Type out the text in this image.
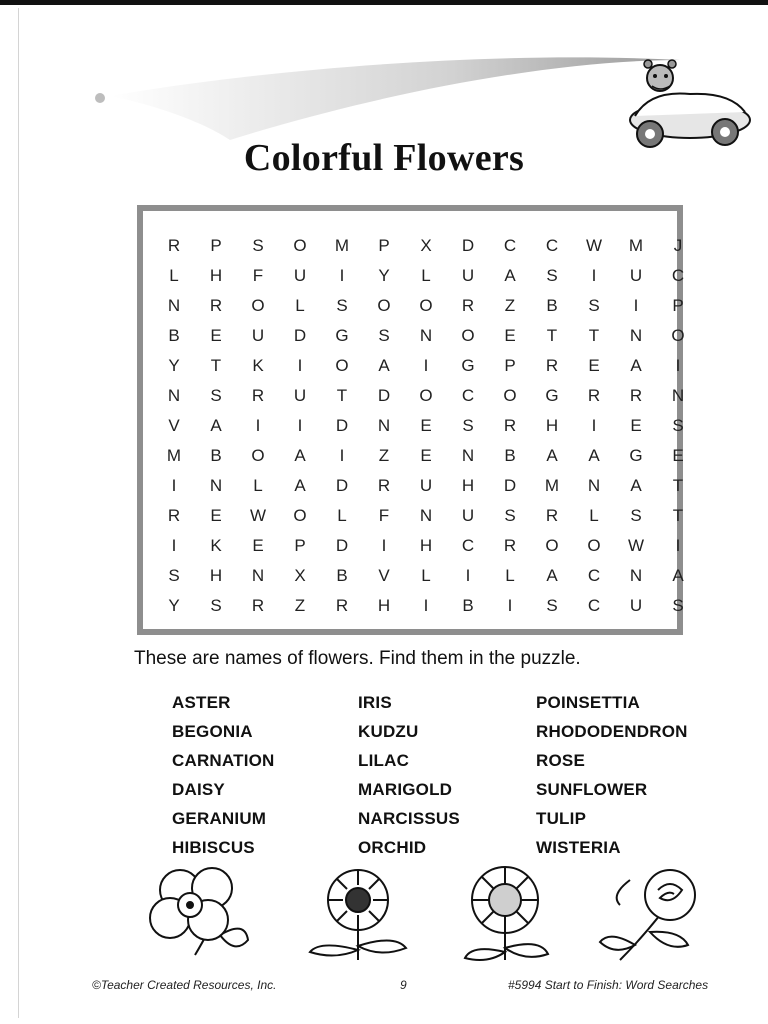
Colorful Flowers
R	P	S	O	M	P	X	D	C	C	W	M	J
L	H	F	U	I	Y	L	U	A	S	I	U	C
N	R	O	L	S	O	O	R	Z	B	S	I	P
B	E	U	D	G	S	N	O	E	T	T	N	O
Y	T	K	I	O	A	I	G	P	R	E	A	I
N	S	R	U	T	D	O	C	O	G	R	R	N
V	A	I	I	D	N	E	S	R	H	I	E	S
M	B	O	A	I	Z	E	N	B	A	A	G	E
I	N	L	A	D	R	U	H	D	M	N	A	T
R	E	W	O	L	F	N	U	S	R	L	S	T
I	K	E	P	D	I	H	C	R	O	O	W	I
S	H	N	X	B	V	L	I	L	A	C	N	A
Y	S	R	Z	R	H	I	B	I	S	C	U	S
These are names of flowers. Find them in the puzzle.
ASTER
BEGONIA
CARNATION
DAISY
GERANIUM
HIBISCUS
IRIS
KUDZU
LILAC
MARIGOLD
NARCISSUS
ORCHID
POINSETTIA
RHODODENDRON
ROSE
SUNFLOWER
TULIP
WISTERIA
©Teacher Created Resources, Inc.	9	#5994 Start to Finish: Word Searches
